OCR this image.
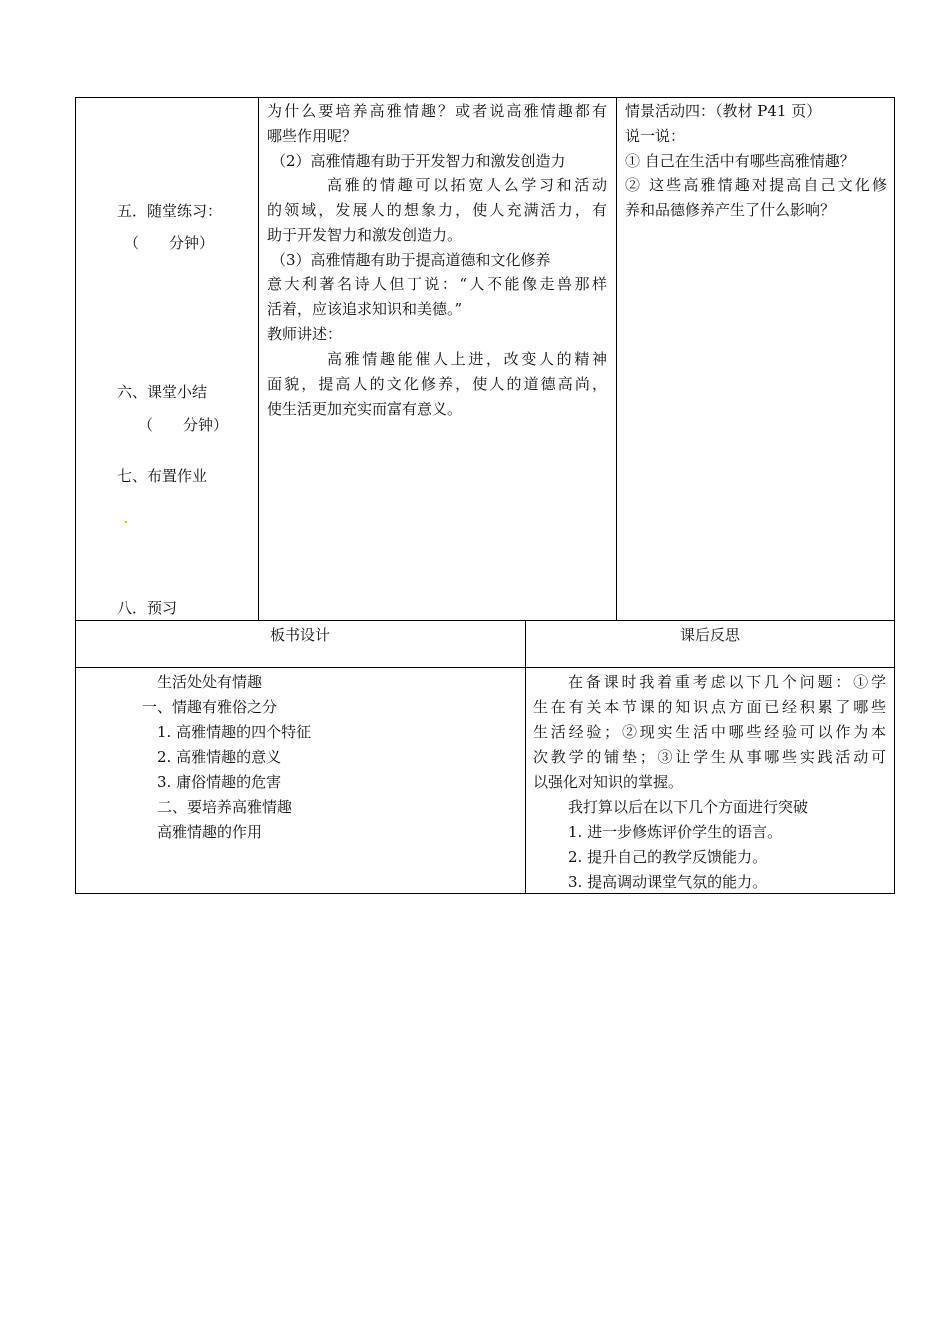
五．随堂练习：
（　　分钟）
六、课堂小结
（　　分钟）
七、布置作业
八．预习
为什么要培养高雅情趣？或者说高雅情趣都有
哪些作用呢？
（2）高雅情趣有助于开发智力和激发创造力
高雅的情趣可以拓宽人么学习和活动
的领域，发展人的想象力，使人充满活力，有
助于开发智力和激发创造力。
（3）高雅情趣有助于提高道德和文化修养
意大利著名诗人但丁说：“人不能像走兽那样
活着，应该追求知识和美德。”
教师讲述：
高雅情趣能催人上进，改变人的精神
面貌，提高人的文化修养，使人的道德高尚，
使生活更加充实而富有意义。
情景活动四：（教材 P41 页）
说一说：
① 自己在生活中有哪些高雅情趣？
② 这些高雅情趣对提高自己文化修
养和品德修养产生了什么影响？
板书设计	课后反思
生活处处有情趣
一、情趣有雅俗之分
1. 高雅情趣的四个特征
2. 高雅情趣的意义
3. 庸俗情趣的危害
二、要培养高雅情趣
高雅情趣的作用
在备课时我着重考虑以下几个问题：①学
生在有关本节课的知识点方面已经积累了哪些
生活经验；②现实生活中哪些经验可以作为本
次教学的铺垫；③让学生从事哪些实践活动可
以强化对知识的掌握。
我打算以后在以下几个方面进行突破
1. 进一步修炼评价学生的语言。
2. 提升自己的教学反馈能力。
3. 提高调动课堂气氛的能力。
